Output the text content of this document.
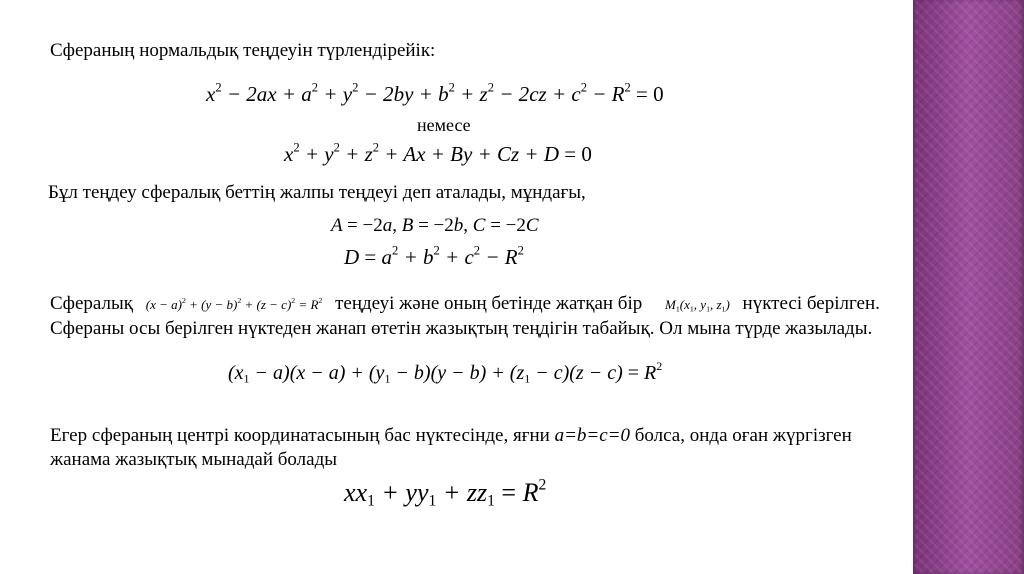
Сфераның нормальдық теңдеуін түрлендірейік:
$x^2 - 2ax + a^2 + y^2 - 2by + b^2 + z^2 - 2cz + c^2 - R^2 = 0$
немесе
$x^2 + y^2 + z^2 + Ax + By + Cz + D = 0$
Бұл теңдеу сфералық беттің жалпы теңдеуі деп аталады, мұндағы,
A = −2a, B = −2b, C = −2C
$D = a^2 + b^2 + c^2 - R^2$
Сфералық $(x - a)^2 + (y - b)^2 + (z - c)^2 = R^2$ теңдеуі және оның бетінде жатқан бір $M_1(x_1$, $y_1$, $z_1$) нүктесі берілген. Сфераны осы берілген нүктеден жанап өтетін жазықтың теңдігін табайық. Ол мына түрде жазылады.
$(x_1 - a)(x - a) + (y_1 - b)(y - b) + (z_1 - c)(z - c) = R^2$
Егер сфераның центрі координатасының бас нүктесінде, яғни a=b=c=0 болса, онда оған жүргізген жанама жазықтық мынадай болады
$xx_1 + yy_1 + zz_1 = R^2$
